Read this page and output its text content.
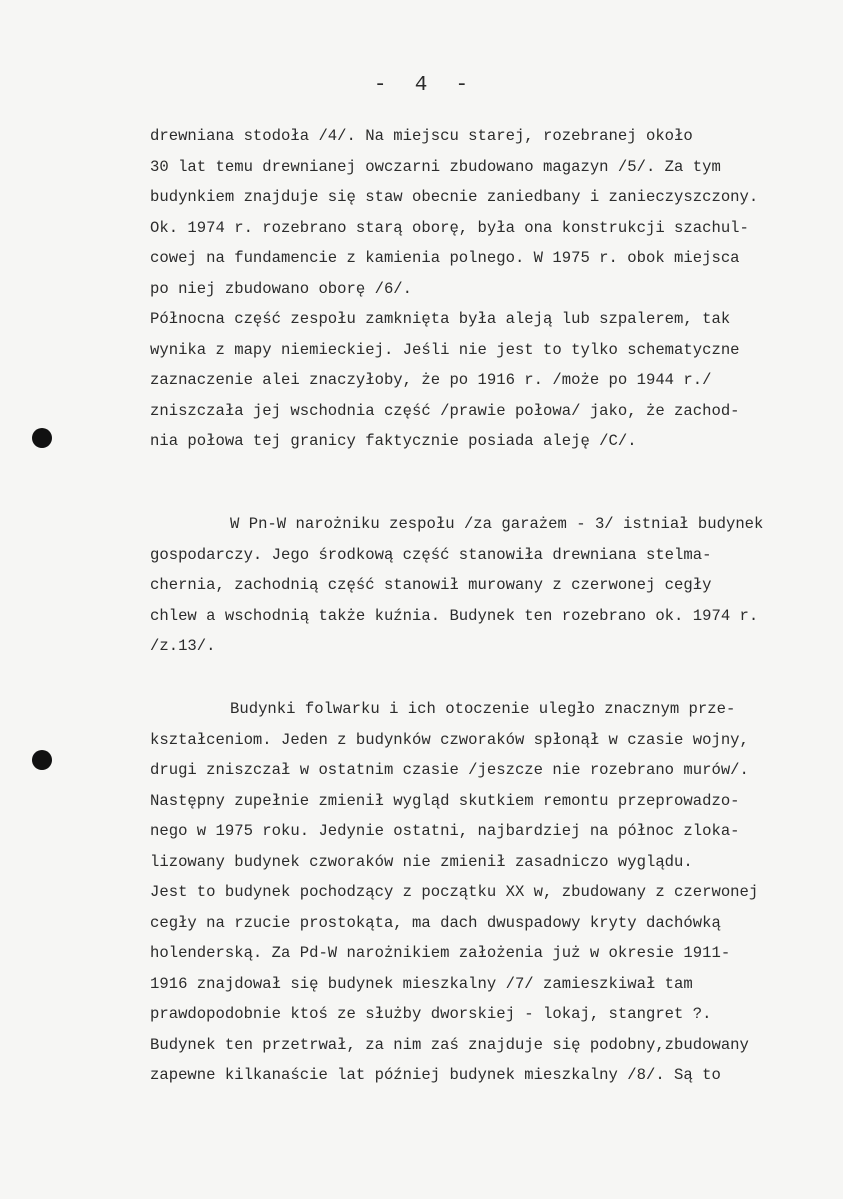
-  4  -
drewniana stodoła /4/. Na miejscu starej, rozebranej około
30 lat temu drewnianej owczarni zbudowano magazyn /5/. Za tym
budynkiem znajduje się staw obecnie zaniedbany i zanieczyszczony.
Ok. 1974 r. rozebrano starą oborę, była ona konstrukcji szachul-
cowej na fundamencie z kamienia polnego. W 1975 r. obok miejsca
po niej zbudowano oborę /6/.
Północna część zespołu zamknięta była aleją lub szpalerem, tak
wynika z mapy niemieckiej. Jeśli nie jest to tylko schematyczne
zaznaczenie alei znaczyłoby, że po 1916 r. /może po 1944 r./
zniszczała jej wschodnia część /prawie połowa/ jako, że zachod-
nia połowa tej granicy faktycznie posiada aleję /C/.
W Pn-W narożniku zespołu /za garażem - 3/ istniał budynek
gospodarczy. Jego środkową część stanowiła drewniana stelma-
chernia, zachodnią część stanowił murowany z czerwonej cegły
chlew a wschodnią także kuźnia. Budynek ten rozebrano ok. 1974 r.
/z.13/.
Budynki folwarku i ich otoczenie uległo znacznym prze-
kształceniom. Jeden z budynków czworaków spłonął w czasie wojny,
drugi zniszczał w ostatnim czasie /jeszcze nie rozebrano murów/.
Następny zupełnie zmienił wygląd skutkiem remontu przeprowadzo-
nego w 1975 roku. Jedynie ostatni, najbardziej na północ zloka-
lizowany budynek czworaków nie zmienił zasadniczo wyglądu.
Jest to budynek pochodzący z początku XX w, zbudowany z czerwonej
cegły na rzucie prostokąta, ma dach dwuspadowy kryty dachówką
holenderską. Za Pd-W narożnikiem założenia już w okresie 1911-
1916 znajdował się budynek mieszkalny /7/ zamieszkiwał tam
prawdopodobnie ktoś ze służby dworskiej - lokaj, stangret ?.
Budynek ten przetrwał, za nim zaś znajduje się podobny,zbudowany
zapewne kilkanaście lat później budynek mieszkalny /8/. Są to
